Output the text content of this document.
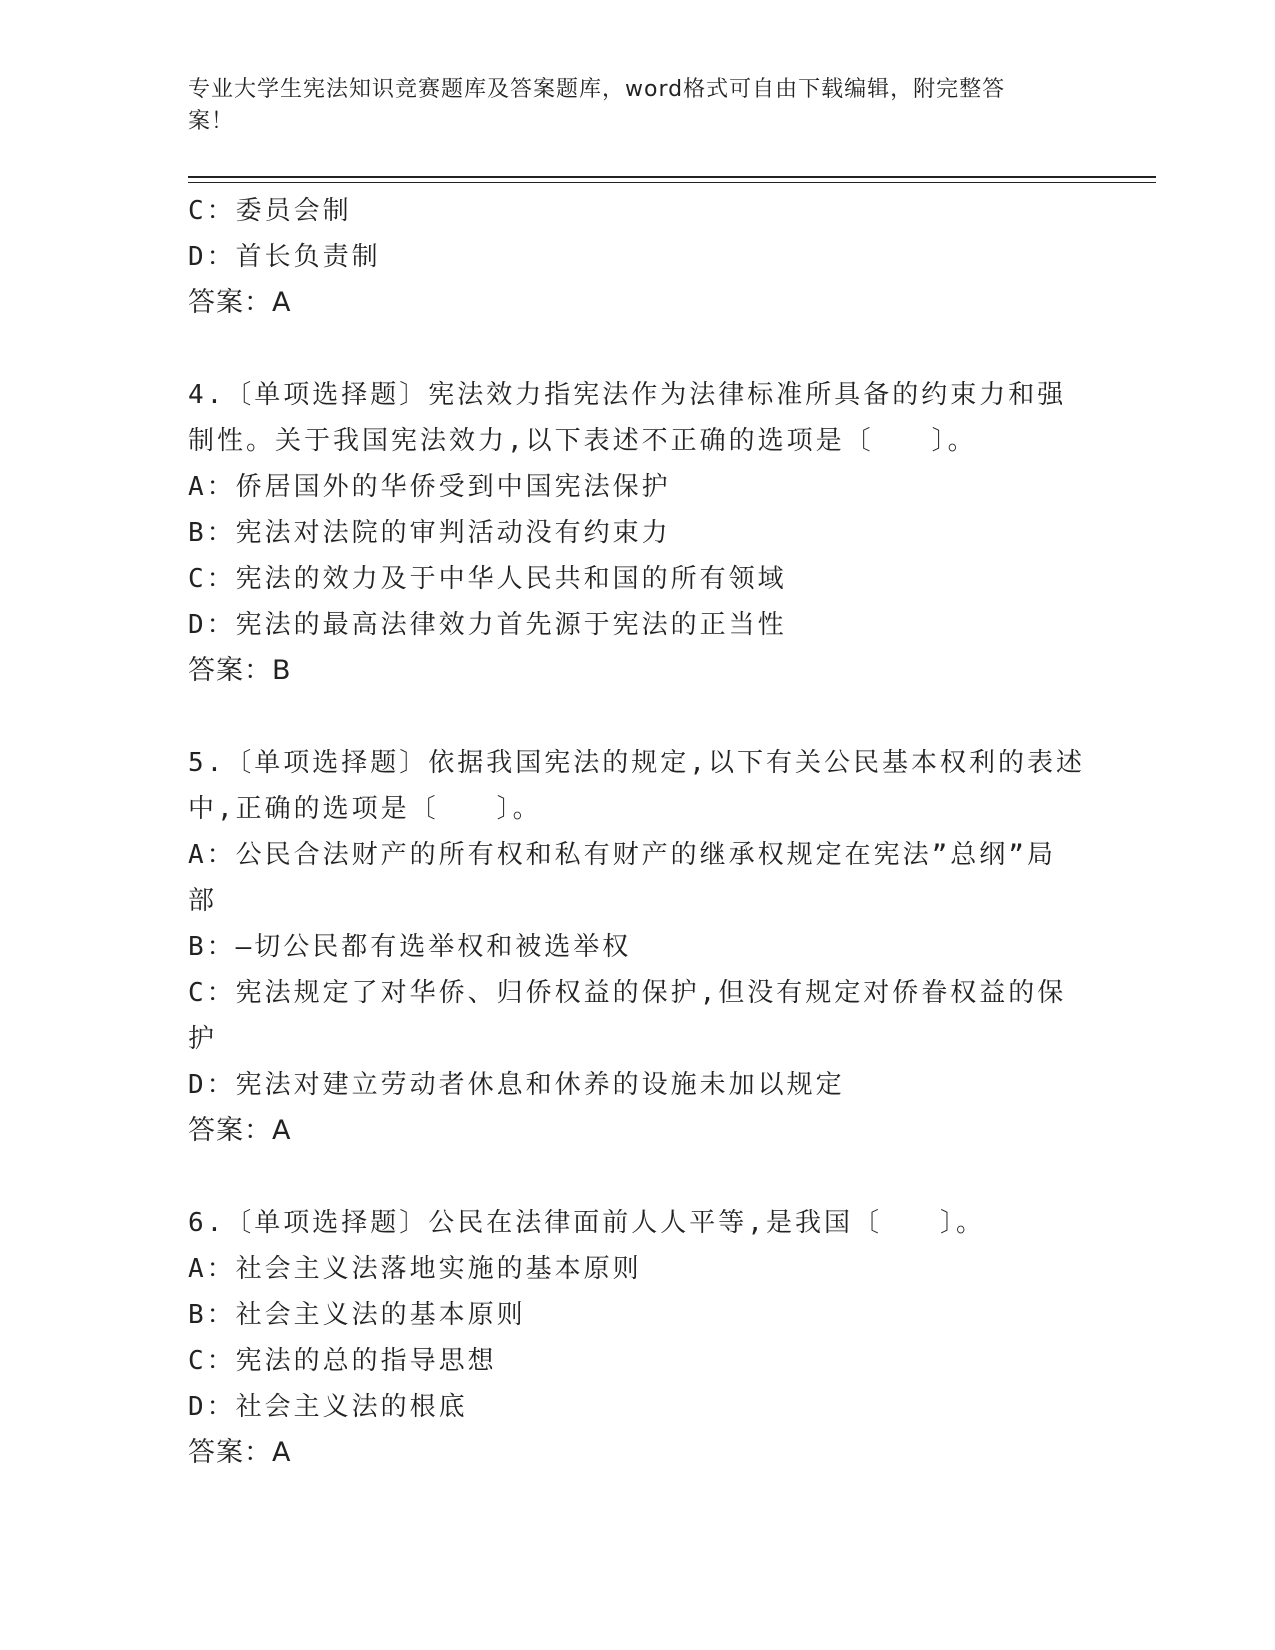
专业大学生宪法知识竞赛题库及答案题库，word格式可自由下载编辑，附完整答
案！
C：委员会制
D：首长负责制
答案：A
4.〔单项选择题〕宪法效力指宪法作为法律标准所具备的约束力和强
制性。关于我国宪法效力,以下表述不正确的选项是〔　　〕。
A：侨居国外的华侨受到中国宪法保护
B：宪法对法院的审判活动没有约束力
C：宪法的效力及于中华人民共和国的所有领域
D：宪法的最高法律效力首先源于宪法的正当性
答案：B
5.〔单项选择题〕依据我国宪法的规定,以下有关公民基本权利的表述
中,正确的选项是〔　　〕。
A：公民合法财产的所有权和私有财产的继承权规定在宪法”总纲”局
部
B：―切公民都有选举权和被选举权
C：宪法规定了对华侨、归侨权益的保护,但没有规定对侨眷权益的保
护
D：宪法对建立劳动者休息和休养的设施未加以规定
答案：A
6.〔单项选择题〕公民在法律面前人人平等,是我国〔　　〕。
A：社会主义法落地实施的基本原则
B：社会主义法的基本原则
C：宪法的总的指导思想
D：社会主义法的根底
答案：A
